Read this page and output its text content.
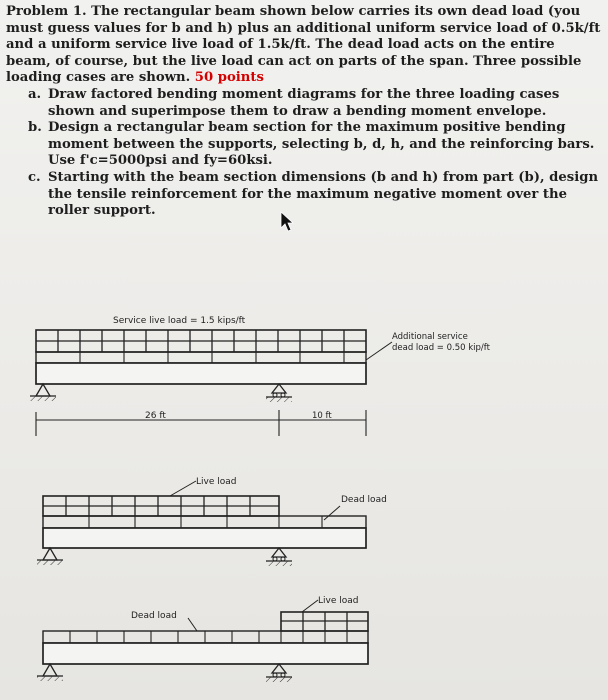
Problem 1. The rectangular beam shown below carries its own dead load (you must guess values for b and h) plus an additional uniform service load of 0.5k/ft and a uniform service live load of 1.5k/ft. The dead load acts on the entire beam, of course, but the live load can act on parts of the span. Three possible loading cases are shown. 50 points

a. Draw factored bending moment diagrams for the three loading cases shown and superimpose them to draw a bending moment envelope.
b. Design a rectangular beam section for the maximum positive bending moment between the supports, selecting b, d, h, and the reinforcing bars. Use f'c=5000psi and fy=60ksi.
c. Starting with the beam section dimensions (b and h) from part (b), design the tensile reinforcement for the maximum negative moment over the roller support.
Service live load = 1.5 kips/ft
Additional service
dead load = 0.50 kip/ft
26 ft	10 ft
Live load
Dead load
Live load
Dead load
